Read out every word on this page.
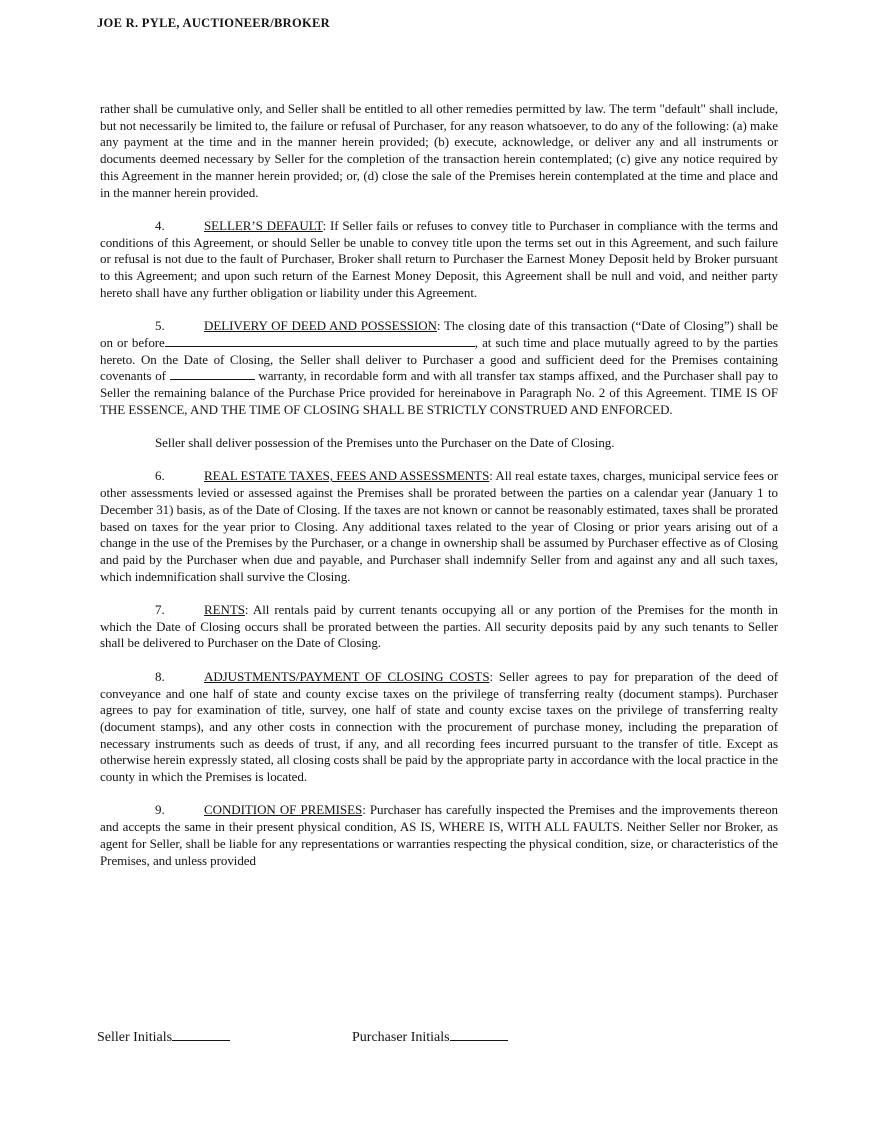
JOE R. PYLE, AUCTIONEER/BROKER

rather shall be cumulative only, and Seller shall be entitled to all other remedies permitted by law. The term "default" shall include, but not necessarily be limited to, the failure or refusal of Purchaser, for any reason whatsoever, to do any of the following: (a) make any payment at the time and in the manner herein provided; (b) execute, acknowledge, or deliver any and all instruments or documents deemed necessary by Seller for the completion of the transaction herein contemplated; (c) give any notice required by this Agreement in the manner herein provided; or, (d) close the sale of the Premises herein contemplated at the time and place and in the manner herein provided.

4.	SELLER’S DEFAULT: If Seller fails or refuses to convey title to Purchaser in compliance with the terms and conditions of this Agreement, or should Seller be unable to convey title upon the terms set out in this Agreement, and such failure or refusal is not due to the fault of Purchaser, Broker shall return to Purchaser the Earnest Money Deposit held by Broker pursuant to this Agreement; and upon such return of the Earnest Money Deposit, this Agreement shall be null and void, and neither party hereto shall have any further obligation or liability under this Agreement.

5.	DELIVERY OF DEED AND POSSESSION: The closing date of this transaction (“Date of Closing”) shall be on or before	, at such time and place mutually agreed to by the parties hereto. On the Date of Closing, the Seller shall deliver to Purchaser a good and sufficient deed for the Premises containing covenants of	warranty, in recordable form and with all transfer tax stamps affixed, and the Purchaser shall pay to Seller the remaining balance of the Purchase Price provided for hereinabove in Paragraph No. 2 of this Agreement. TIME IS OF THE ESSENCE, AND THE TIME OF CLOSING SHALL BE STRICTLY CONSTRUED AND ENFORCED.

Seller shall deliver possession of the Premises unto the Purchaser on the Date of Closing.

6.	REAL ESTATE TAXES, FEES AND ASSESSMENTS: All real estate taxes, charges, municipal service fees or other assessments levied or assessed against the Premises shall be prorated between the parties on a calendar year (January 1 to December 31) basis, as of the Date of Closing. If the taxes are not known or cannot be reasonably estimated, taxes shall be prorated based on taxes for the year prior to Closing. Any additional taxes related to the year of Closing or prior years arising out of a change in the use of the Premises by the Purchaser, or a change in ownership shall be assumed by Purchaser effective as of Closing and paid by the Purchaser when due and payable, and Purchaser shall indemnify Seller from and against any and all such taxes, which indemnification shall survive the Closing.

7.	RENTS: All rentals paid by current tenants occupying all or any portion of the Premises for the month in which the Date of Closing occurs shall be prorated between the parties. All security deposits paid by any such tenants to Seller shall be delivered to Purchaser on the Date of Closing.

8.	ADJUSTMENTS/PAYMENT OF CLOSING COSTS: Seller agrees to pay for preparation of the deed of conveyance and one half of state and county excise taxes on the privilege of transferring realty (document stamps). Purchaser agrees to pay for examination of title, survey, one half of state and county excise taxes on the privilege of transferring realty (document stamps), and any other costs in connection with the procurement of purchase money, including the preparation of necessary instruments such as deeds of trust, if any, and all recording fees incurred pursuant to the transfer of title. Except as otherwise herein expressly stated, all closing costs shall be paid by the appropriate party in accordance with the local practice in the county in which the Premises is located.

9.	CONDITION OF PREMISES: Purchaser has carefully inspected the Premises and the improvements thereon and accepts the same in their present physical condition, AS IS, WHERE IS, WITH ALL FAULTS. Neither Seller nor Broker, as agent for Seller, shall be liable for any representations or warranties respecting the physical condition, size, or characteristics of the Premises, and unless provided

Seller Initials	Purchaser Initials
